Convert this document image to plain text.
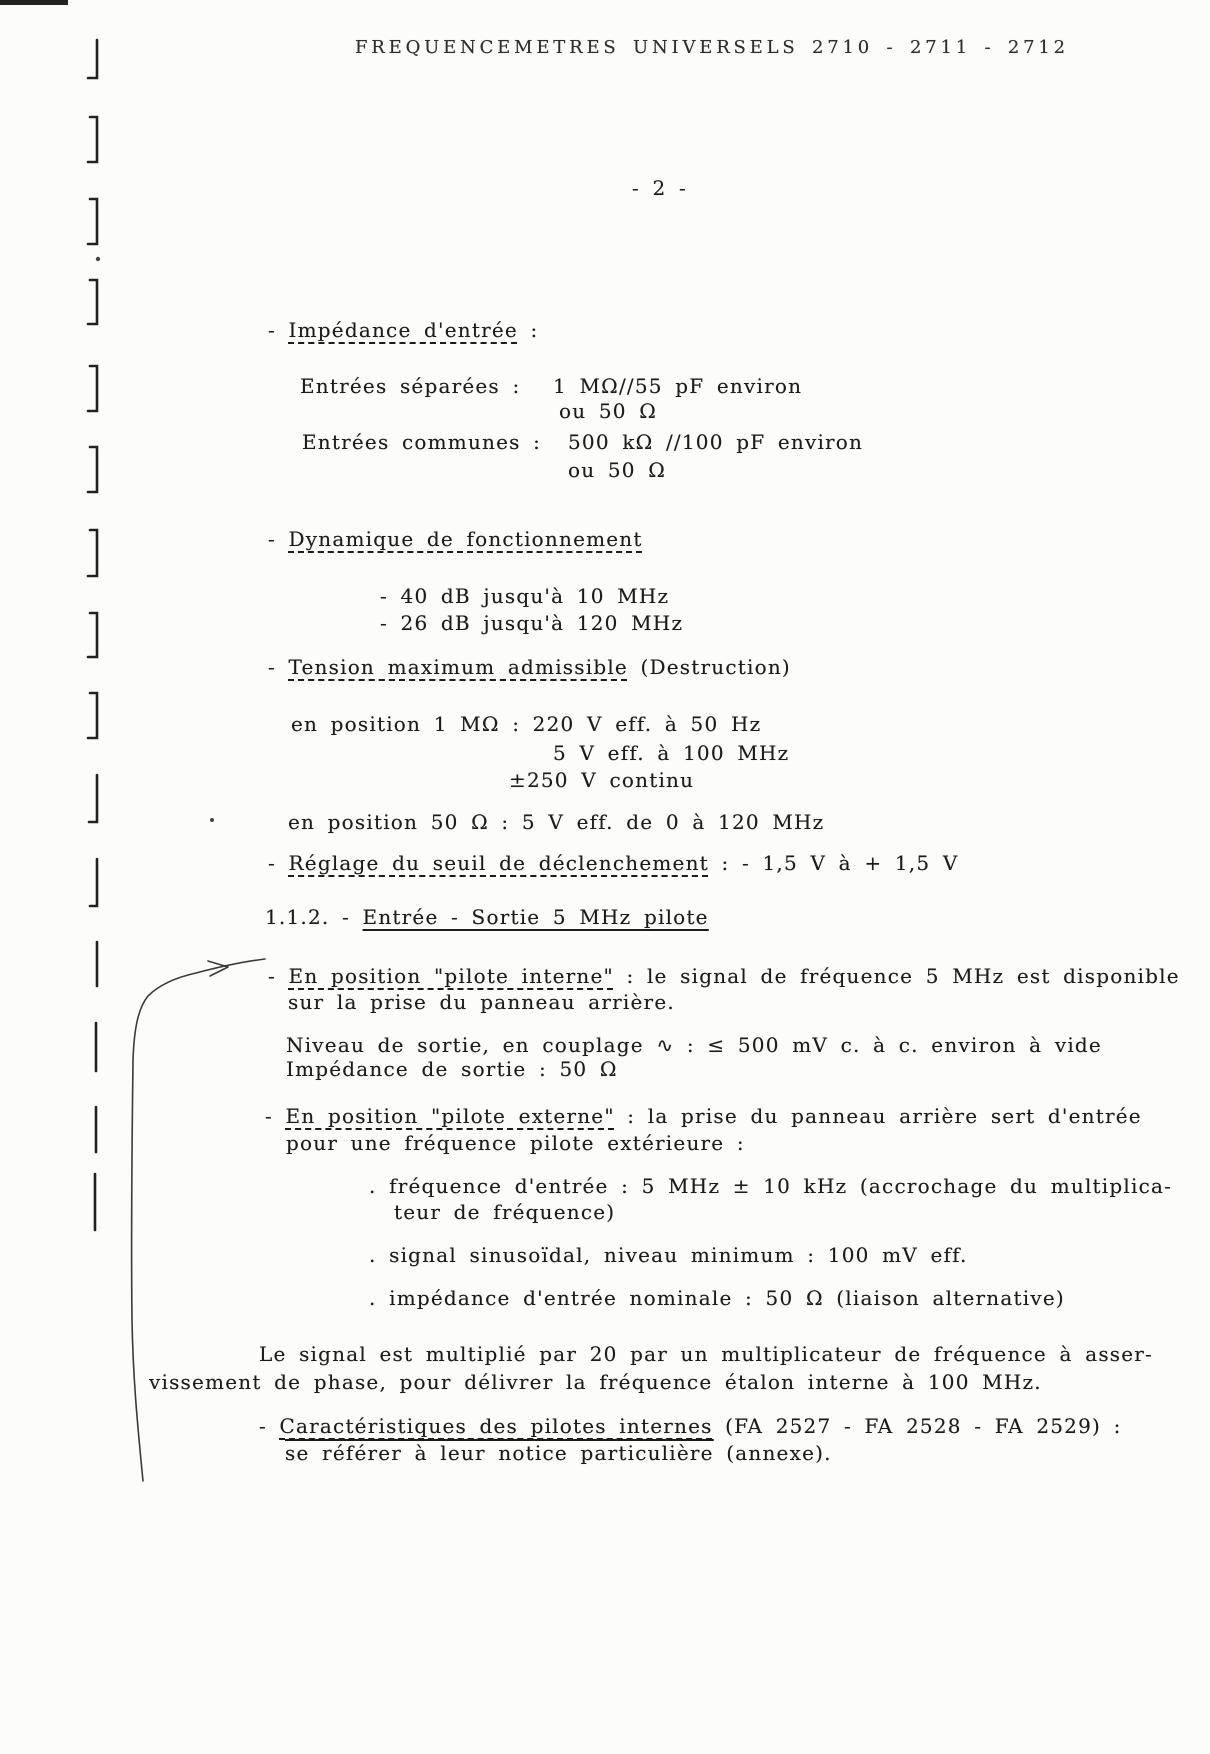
FREQUENCEMETRES UNIVERSELS 2710 - 2711 - 2712
- 2 -
- Impédance d'entrée :
Entrées séparées : 1 MΩ//55 pF environ
ou 50 Ω
Entrées communes : 500 kΩ //100 pF environ
ou 50 Ω
- Dynamique de fonctionnement
- 40 dB jusqu'à 10 MHz
- 26 dB jusqu'à 120 MHz
- Tension maximum admissible (Destruction)
en position 1 MΩ : 220 V eff. à 50 Hz
5 V eff. à 100 MHz
±250 V continu
en position 50 Ω : 5 V eff. de 0 à 120 MHz
- Réglage du seuil de déclenchement : - 1,5 V à + 1,5 V
1.1.2. - Entrée - Sortie 5 MHz pilote
- En position "pilote interne" : le signal de fréquence 5 MHz est disponible
sur la prise du panneau arrière.
Niveau de sortie, en couplage ∿ : ≤ 500 mV c. à c. environ à vide
Impédance de sortie : 50 Ω
- En position "pilote externe" : la prise du panneau arrière sert d'entrée
pour une fréquence pilote extérieure :
. fréquence d'entrée : 5 MHz ± 10 kHz (accrochage du multiplica-
teur de fréquence)
. signal sinusoïdal, niveau minimum : 100 mV eff.
. impédance d'entrée nominale : 50 Ω (liaison alternative)
Le signal est multiplié par 20 par un multiplicateur de fréquence à asser-
vissement de phase, pour délivrer la fréquence étalon interne à 100 MHz.
- Caractéristiques des pilotes internes (FA 2527 - FA 2528 - FA 2529) :
se référer à leur notice particulière (annexe).
